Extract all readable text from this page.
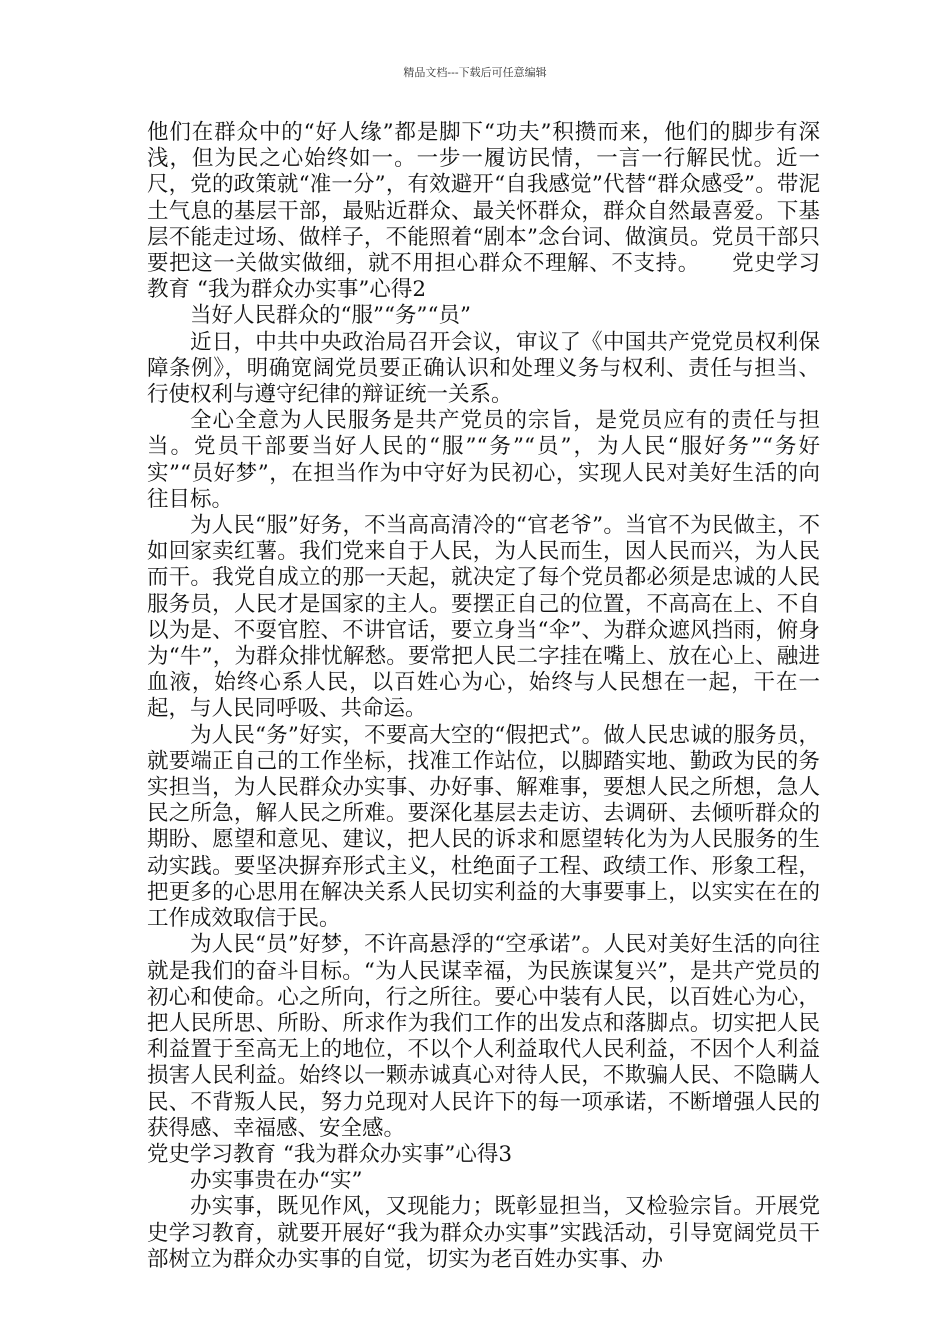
精品文档---下载后可任意编辑

他们在群众中的“好人缘”都是脚下“功夫”积攒而来，他们的脚步有深浅，但为民之心始终如一。一步一履访民情，一言一行解民忧。近一尺，党的政策就“准一分”，有效避开“自我感觉”代替“群众感受”。带泥土气息的基层干部，最贴近群众、最关怀群众，群众自然最喜爱。下基层不能走过场、做样子，不能照着“剧本”念台词、做演员。党员干部只要把这一关做实做细，就不用担心群众不理解、不支持。 党史学习教育 “我为群众办实事”心得2

当好人民群众的“服”“务”“员”

近日，中共中央政治局召开会议，审议了《中国共产党党员权利保障条例》，明确宽阔党员要正确认识和处理义务与权利、责任与担当、行使权利与遵守纪律的辩证统一关系。

全心全意为人民服务是共产党员的宗旨，是党员应有的责任与担当。党员干部要当好人民的“服”“务”“员”，为人民“服好务”“务好实”“员好梦”，在担当作为中守好为民初心，实现人民对美好生活的向往目标。

为人民“服”好务，不当高高清冷的“官老爷”。当官不为民做主，不如回家卖红薯。我们党来自于人民，为人民而生，因人民而兴，为人民而干。我党自成立的那一天起，就决定了每个党员都必须是忠诚的人民服务员，人民才是国家的主人。要摆正自己的位置，不高高在上、不自以为是、不耍官腔、不讲官话，要立身当“伞”、为群众遮风挡雨，俯身为“牛”，为群众排忧解愁。要常把人民二字挂在嘴上、放在心上、融进血液，始终心系人民，以百姓心为心，始终与人民想在一起，干在一起，与人民同呼吸、共命运。

为人民“务”好实，不要高大空的“假把式”。做人民忠诚的服务员，就要端正自己的工作坐标，找准工作站位，以脚踏实地、勤政为民的务实担当，为人民群众办实事、办好事、解难事，要想人民之所想，急人民之所急，解人民之所难。要深化基层去走访、去调研、去倾听群众的期盼、愿望和意见、建议，把人民的诉求和愿望转化为为人民服务的生动实践。要坚决摒弃形式主义，杜绝面子工程、政绩工作、形象工程，把更多的心思用在解决关系人民切实利益的大事要事上，以实实在在的工作成效取信于民。

为人民“员”好梦，不许高悬浮的“空承诺”。人民对美好生活的向往就是我们的奋斗目标。“为人民谋幸福，为民族谋复兴”，是共产党员的初心和使命。心之所向，行之所往。要心中装有人民，以百姓心为心，把人民所思、所盼、所求作为我们工作的出发点和落脚点。切实把人民利益置于至高无上的地位，不以个人利益取代人民利益，不因个人利益损害人民利益。始终以一颗赤诚真心对待人民，不欺骗人民、不隐瞒人民、不背叛人民，努力兑现对人民许下的每一项承诺，不断增强人民的获得感、幸福感、安全感。

党史学习教育 “我为群众办实事”心得3

办实事贵在办“实”

办实事，既见作风，又现能力；既彰显担当，又检验宗旨。开展党史学习教育，就要开展好“我为群众办实事”实践活动，引导宽阔党员干部树立为群众办实事的自觉，切实为老百姓办实事、办
